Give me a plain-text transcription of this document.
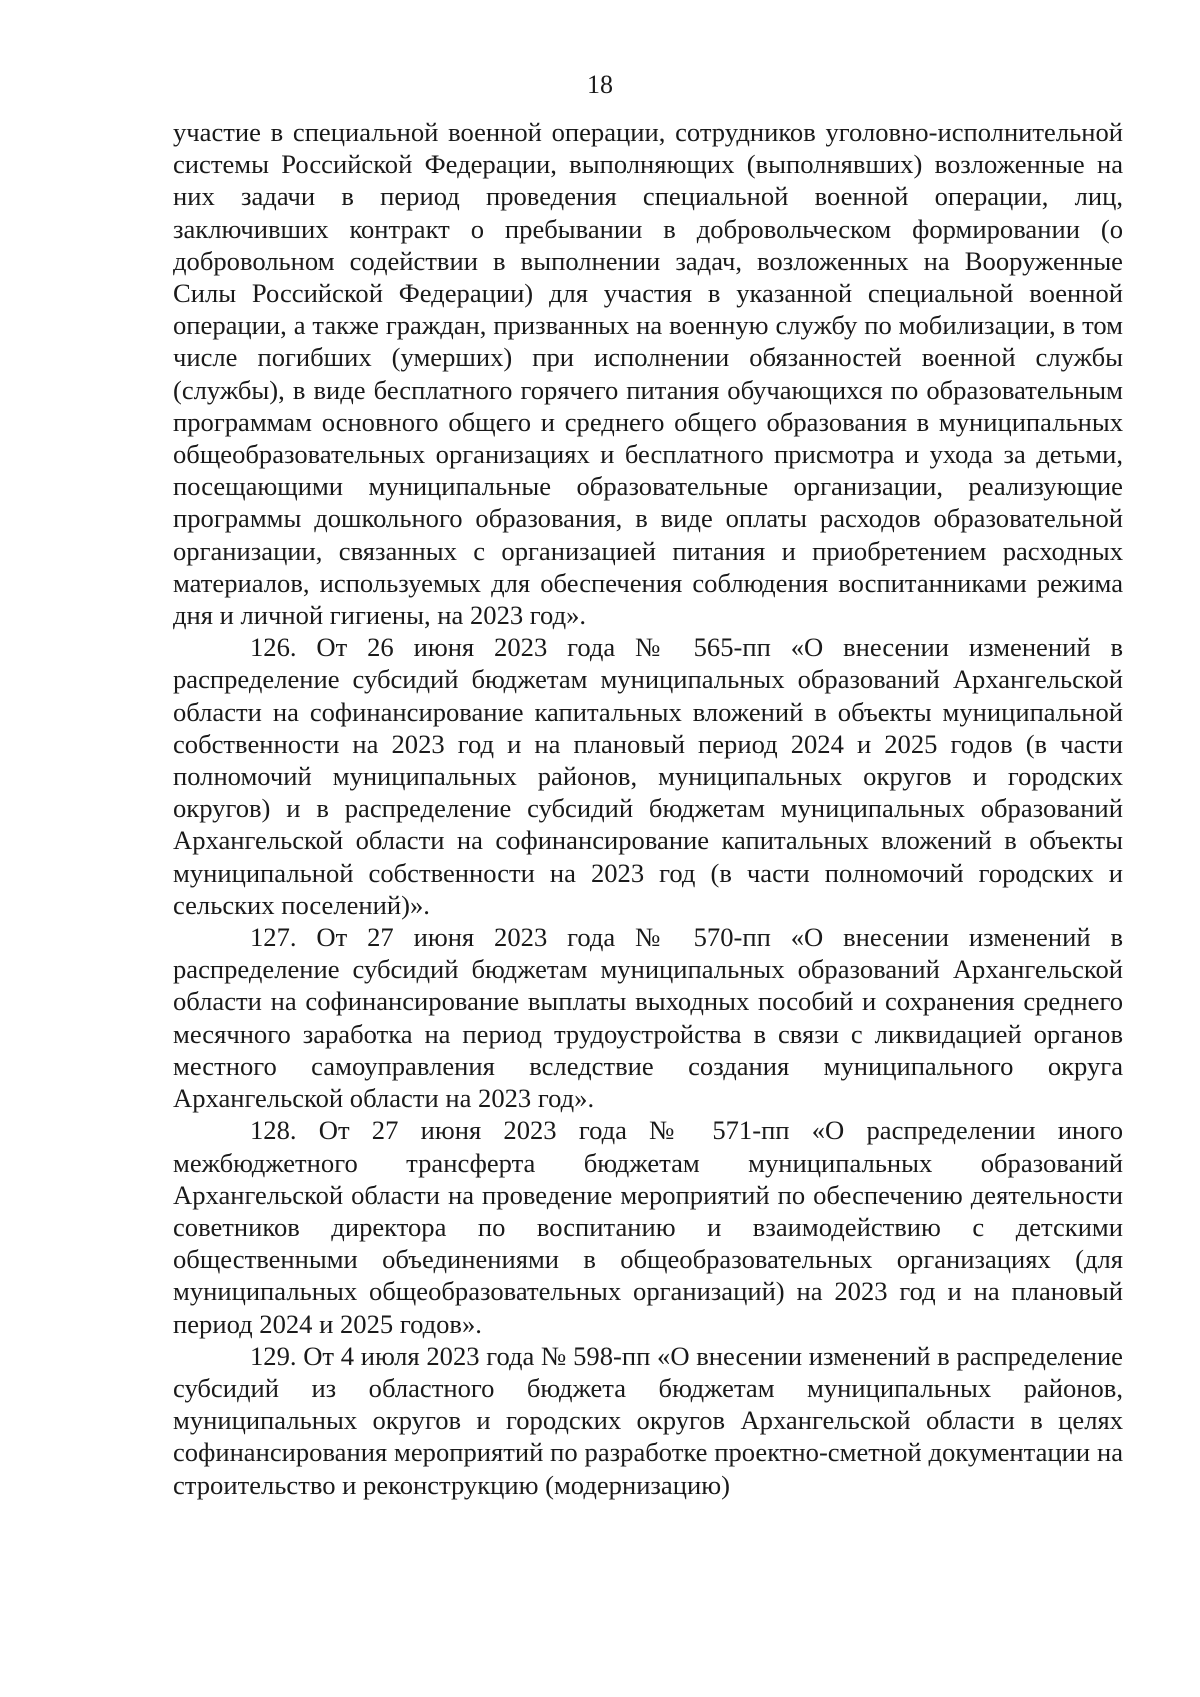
18

участие в специальной военной операции, сотрудников уголовно-исполнительной системы Российской Федерации, выполняющих (выполнявших) возложенные на них задачи в период проведения специальной военной операции, лиц, заключивших контракт о пребывании в добровольческом формировании (о добровольном содействии в выполнении задач, возложенных на Вооруженные Силы Российской Федерации) для участия в указанной специальной военной операции, а также граждан, призванных на военную службу по мобилизации, в том числе погибших (умерших) при исполнении обязанностей военной службы (службы), в виде бесплатного горячего питания обучающихся по образовательным программам основного общего и среднего общего образования в муниципальных общеобразовательных организациях и бесплатного присмотра и ухода за детьми, посещающими муниципальные образовательные организации, реализующие программы дошкольного образования, в виде оплаты расходов образовательной организации, связанных с организацией питания и приобретением расходных материалов, используемых для обеспечения соблюдения воспитанниками режима дня и личной гигиены, на 2023 год».

126. От 26 июня 2023 года № 565-пп «О внесении изменений в распределение субсидий бюджетам муниципальных образований Архангельской области на софинансирование капитальных вложений в объекты муниципальной собственности на 2023 год и на плановый период 2024 и 2025 годов (в части полномочий муниципальных районов, муниципальных округов и городских округов) и в распределение субсидий бюджетам муниципальных образований Архангельской области на софинансирование капитальных вложений в объекты муниципальной собственности на 2023 год (в части полномочий городских и сельских поселений)».

127. От 27 июня 2023 года № 570-пп «О внесении изменений в распределение субсидий бюджетам муниципальных образований Архангельской области на софинансирование выплаты выходных пособий и сохранения среднего месячного заработка на период трудоустройства в связи с ликвидацией органов местного самоуправления вследствие создания муниципального округа Архангельской области на 2023 год».

128. От 27 июня 2023 года № 571-пп «О распределении иного межбюджетного трансферта бюджетам муниципальных образований Архангельской области на проведение мероприятий по обеспечению деятельности советников директора по воспитанию и взаимодействию с детскими общественными объединениями в общеобразовательных организациях (для муниципальных общеобразовательных организаций) на 2023 год и на плановый период 2024 и 2025 годов».

129. От 4 июля 2023 года № 598-пп «О внесении изменений в распределение субсидий из областного бюджета бюджетам муниципальных районов, муниципальных округов и городских округов Архангельской области в целях софинансирования мероприятий по разработке проектно-сметной документации на строительство и реконструкцию (модернизацию)
